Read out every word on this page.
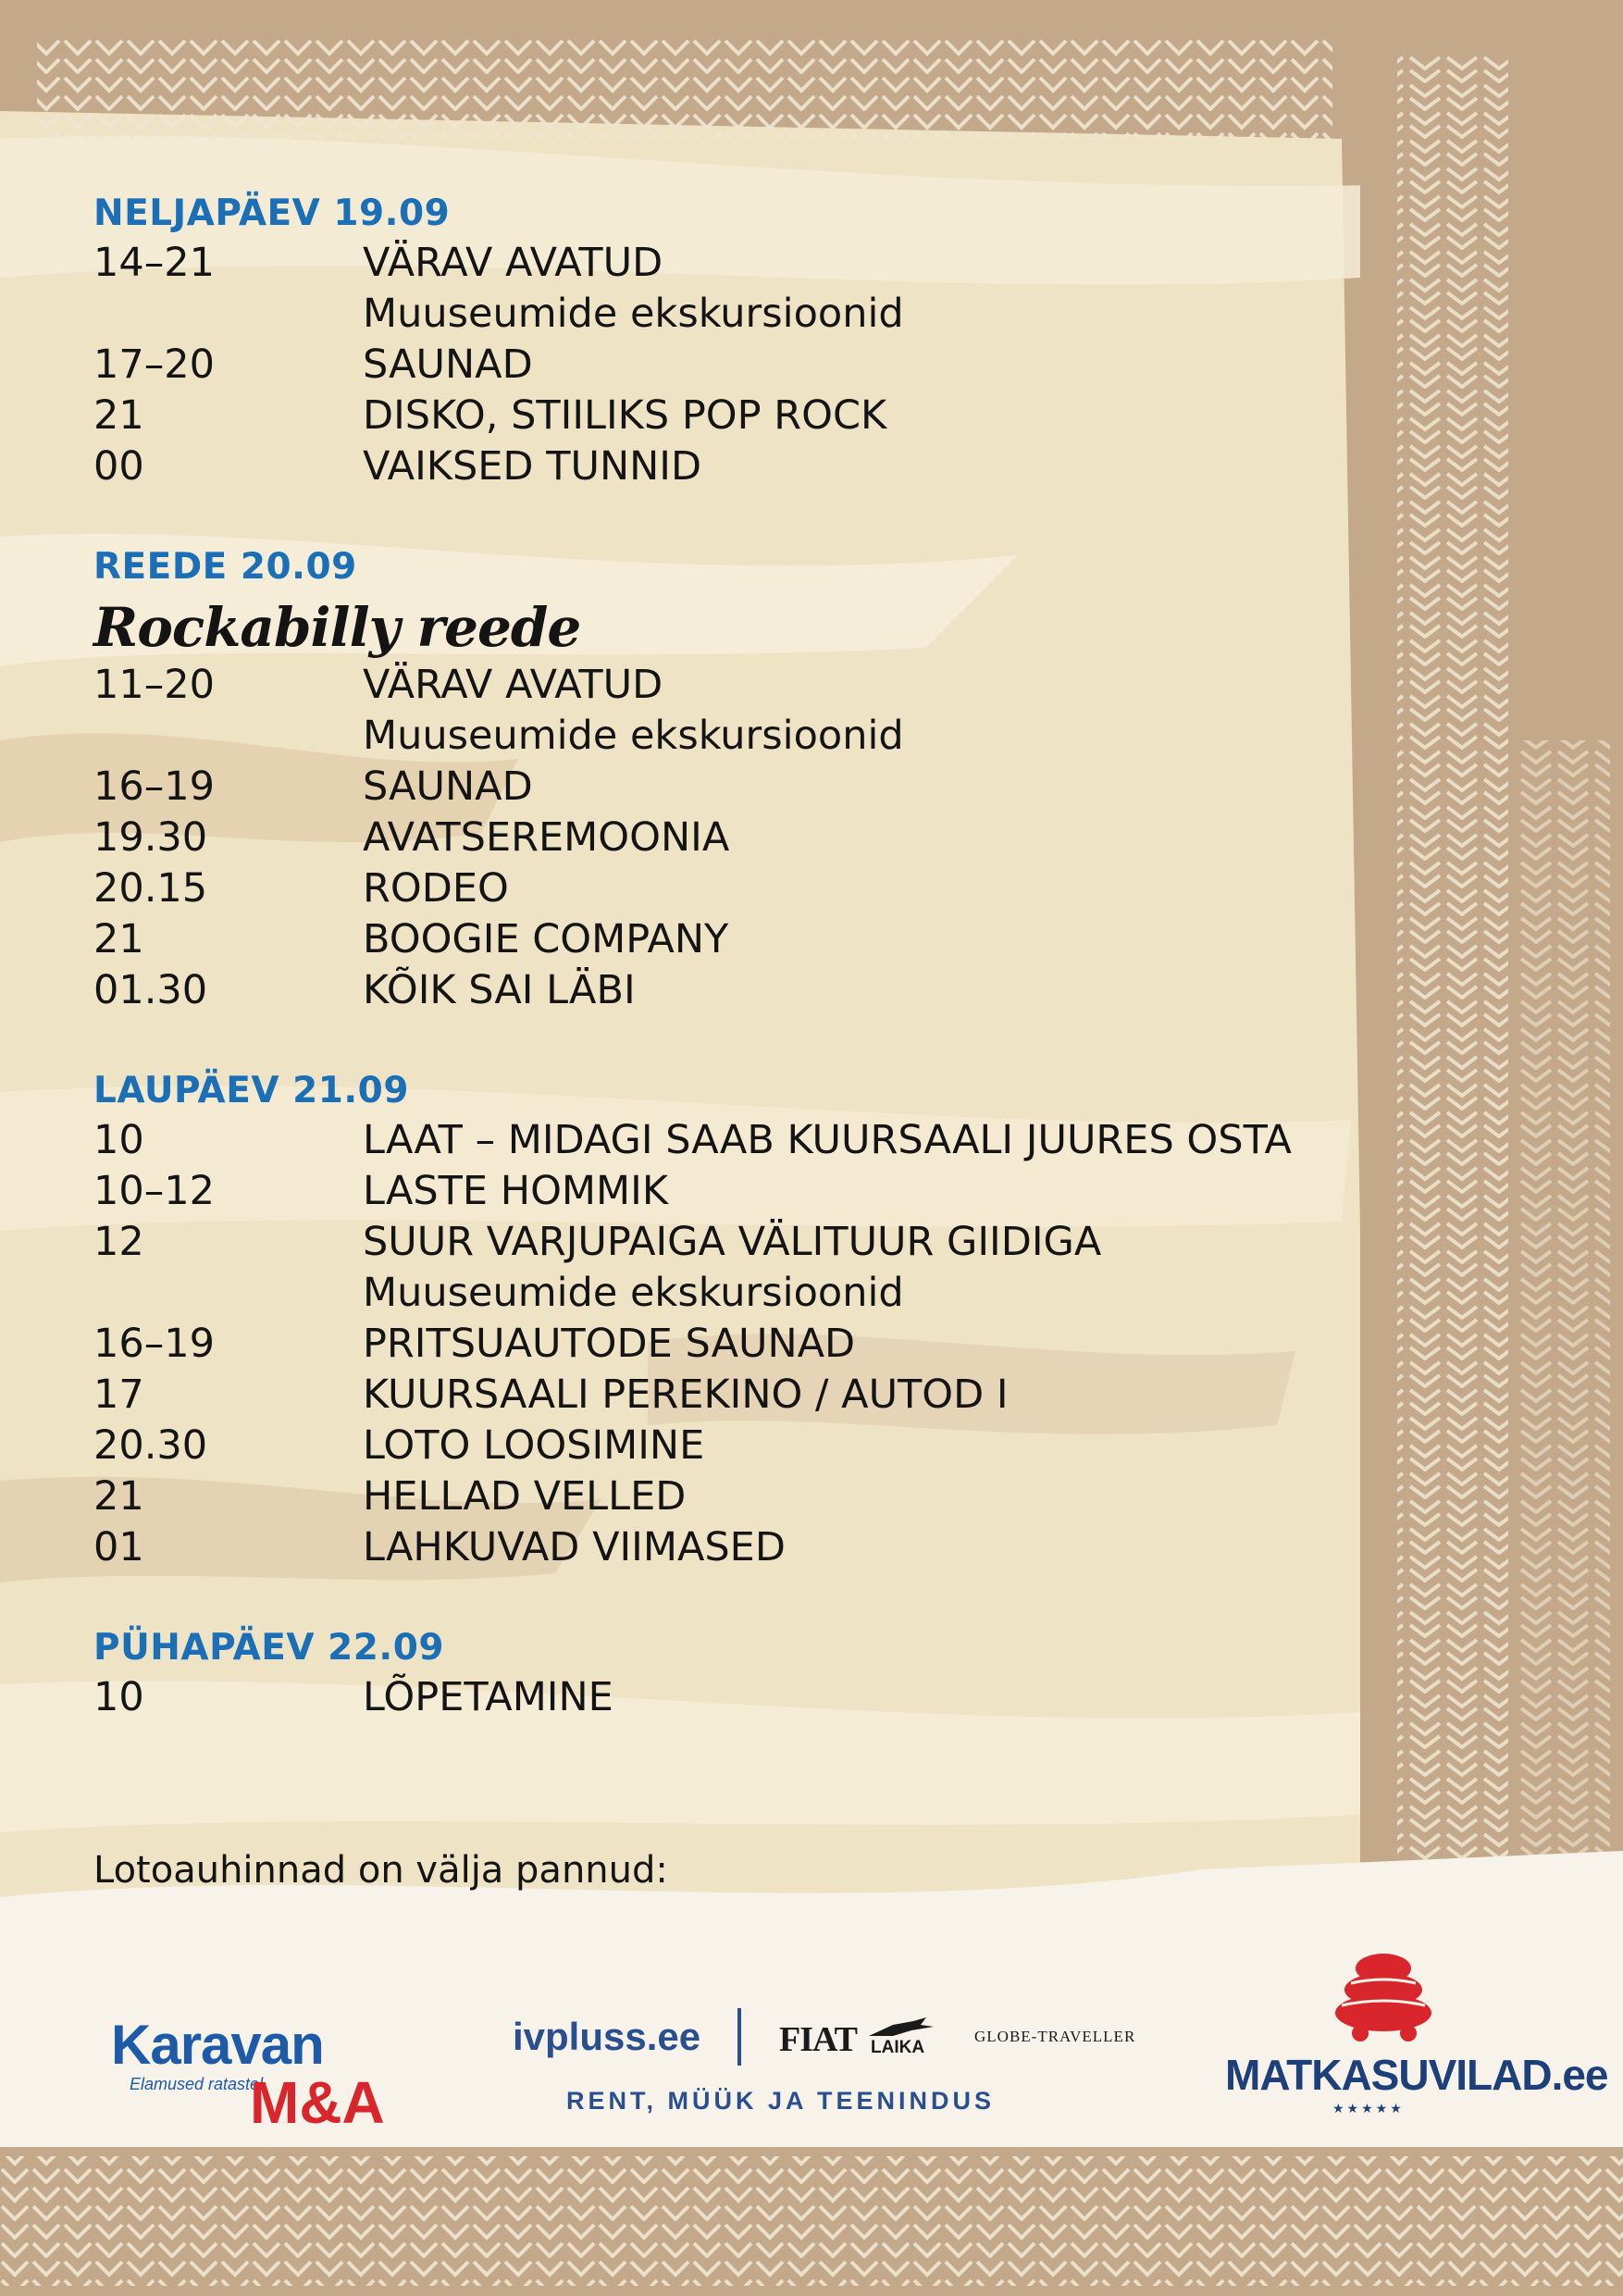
NELJAPÄEV 19.09
14–21	VÄRAV AVATUD
Muuseumide ekskursioonid
17–20	SAUNAD
21	DISKO, STIILIKS POP ROCK
00	VAIKSED TUNNID
REEDE 20.09
Rockabilly reede
11–20	VÄRAV AVATUD
Muuseumide ekskursioonid
16–19	SAUNAD
19.30	AVATSEREMOONIA
20.15	RODEO
21	BOOGIE COMPANY
01.30	KÕIK SAI LÄBI
LAUPÄEV 21.09
10	LAAT – MIDAGI SAAB KUURSAALI JUURES OSTA
10–12	LASTE HOMMIK
12	SUUR VARJUPAIGA VÄLITUUR GIIDIGA
Muuseumide ekskursioonid
16–19	PRITSUAUTODE SAUNAD
17	KUURSAALI PEREKINO / AUTOD I
20.30	LOTO LOOSIMINE
21	HELLAD VELLED
01	LAHKUVAD VIIMASED
PÜHAPÄEV 22.09
10	LÕPETAMINE
Lotoauhinnad on välja pannud:
Karavan
Elamused ratastel
M&A
ivpluss.ee FIAT LAIKA
GLOBE-TRAVELLER
RENT, MÜÜK JA TEENINDUS
MATKASUVILAD.ee
★★★★★
